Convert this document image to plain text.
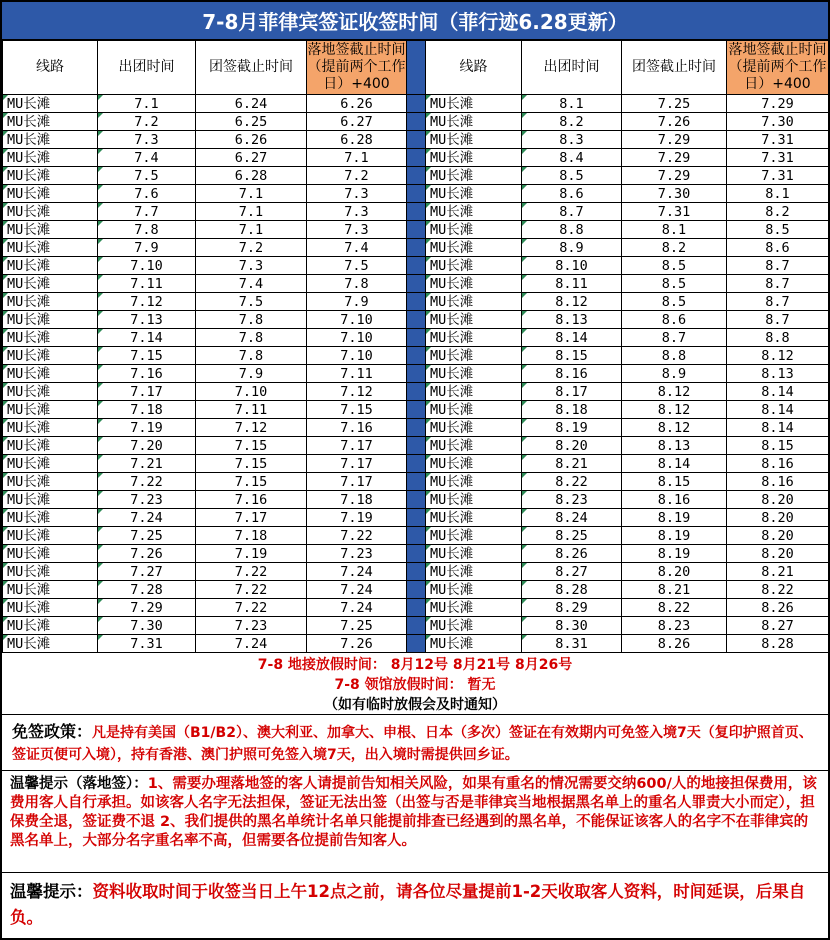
7-8月菲律宾签证收签时间（菲行迹6.28更新）
线路	出团时间	团签截止时间	落地签截止时间（提前两个工作日）+400		线路	出团时间	团签截止时间	落地签截止时间（提前两个工作日）+400
MU长滩	7.1	6.24	6.26		MU长滩	8.1	7.25	7.29
MU长滩	7.2	6.25	6.27		MU长滩	8.2	7.26	7.30
MU长滩	7.3	6.26	6.28		MU长滩	8.3	7.29	7.31
MU长滩	7.4	6.27	7.1		MU长滩	8.4	7.29	7.31
MU长滩	7.5	6.28	7.2		MU长滩	8.5	7.29	7.31
MU长滩	7.6	7.1	7.3		MU长滩	8.6	7.30	8.1
MU长滩	7.7	7.1	7.3		MU长滩	8.7	7.31	8.2
MU长滩	7.8	7.1	7.3		MU长滩	8.8	8.1	8.5
MU长滩	7.9	7.2	7.4		MU长滩	8.9	8.2	8.6
MU长滩	7.10	7.3	7.5		MU长滩	8.10	8.5	8.7
MU长滩	7.11	7.4	7.8		MU长滩	8.11	8.5	8.7
MU长滩	7.12	7.5	7.9		MU长滩	8.12	8.5	8.7
MU长滩	7.13	7.8	7.10		MU长滩	8.13	8.6	8.7
MU长滩	7.14	7.8	7.10		MU长滩	8.14	8.7	8.8
MU长滩	7.15	7.8	7.10		MU长滩	8.15	8.8	8.12
MU长滩	7.16	7.9	7.11		MU长滩	8.16	8.9	8.13
MU长滩	7.17	7.10	7.12		MU长滩	8.17	8.12	8.14
MU长滩	7.18	7.11	7.15		MU长滩	8.18	8.12	8.14
MU长滩	7.19	7.12	7.16		MU长滩	8.19	8.12	8.14
MU长滩	7.20	7.15	7.17		MU长滩	8.20	8.13	8.15
MU长滩	7.21	7.15	7.17		MU长滩	8.21	8.14	8.16
MU长滩	7.22	7.15	7.17		MU长滩	8.22	8.15	8.16
MU长滩	7.23	7.16	7.18		MU长滩	8.23	8.16	8.20
MU长滩	7.24	7.17	7.19		MU长滩	8.24	8.19	8.20
MU长滩	7.25	7.18	7.22		MU长滩	8.25	8.19	8.20
MU长滩	7.26	7.19	7.23		MU长滩	8.26	8.19	8.20
MU长滩	7.27	7.22	7.24		MU长滩	8.27	8.20	8.21
MU长滩	7.28	7.22	7.24		MU长滩	8.28	8.21	8.22
MU长滩	7.29	7.22	7.24		MU长滩	8.29	8.22	8.26
MU长滩	7.30	7.23	7.25		MU长滩	8.30	8.23	8.27
MU长滩	7.31	7.24	7.26		MU长滩	8.31	8.26	8.28
7-8 地接放假时间： 8月12号 8月21号 8月26号
7-8 领馆放假时间： 暂无
（如有临时放假会及时通知）
免签政策：凡是持有美国（B1/B2）、澳大利亚、加拿大、申根、日本（多次）签证在有效期内可免签入境7天（复印护照首页、签证页便可入境），持有香港、澳门护照可免签入境7天，出入境时需提供回乡证。
温馨提示（落地签）：1、需要办理落地签的客人请提前告知相关风险，如果有重名的情况需要交纳600/人的地接担保费用，该费用客人自行承担。如该客人名字无法担保，签证无法出签（出签与否是菲律宾当地根据黑名单上的重名人罪责大小而定），担保费全退，签证费不退 2、我们提供的黑名单统计名单只能提前排查已经遇到的黑名单，不能保证该客人的名字不在菲律宾的黑名单上，大部分名字重名率不高，但需要各位提前告知客人。
温馨提示：资料收取时间于收签当日上午12点之前，请各位尽量提前1-2天收取客人资料，时间延误，后果自负。
